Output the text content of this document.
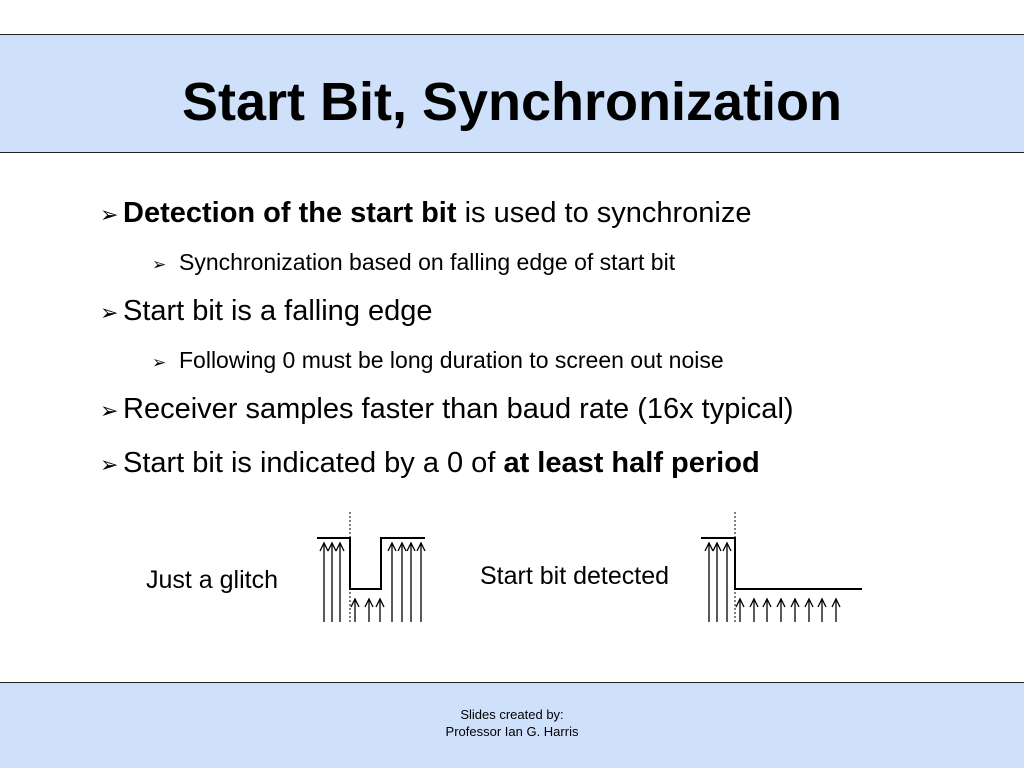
Start Bit, Synchronization
➢ Detection of the start bit is used to synchronize
➢ Synchronization based on falling edge of start bit
➢ Start bit is a falling edge
➢ Following 0 must be long duration to screen out noise
➢ Receiver samples faster than baud rate (16x typical)
➢ Start bit is indicated by a 0 of at least half period
Just a glitch	Start bit detected
Slides created by:
Professor Ian G. Harris
